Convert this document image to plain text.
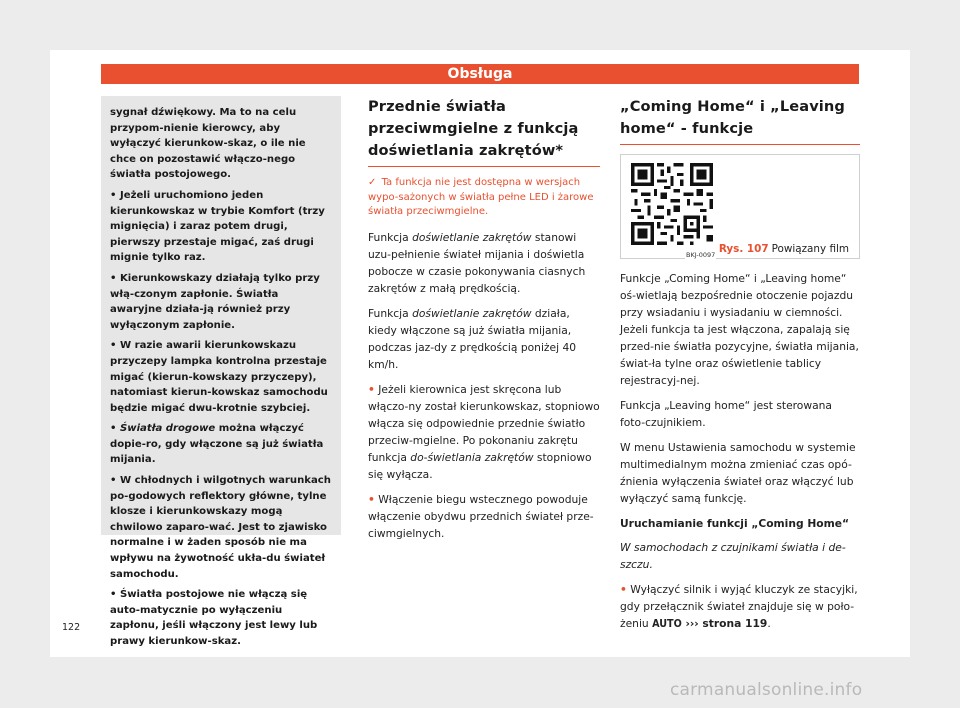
Obsługa

sygnał dźwiękowy. Ma to na celu przypom-nienie kierowcy, aby wyłączyć kierunkow-skaz, o ile nie chce on pozostawić włączo-nego światła postojowego.

• Jeżeli uruchomiono jeden kierunkowskaz w trybie Komfort (trzy mignięcia) i zaraz potem drugi, pierwszy przestaje migać, zaś drugi mignie tylko raz.

• Kierunkowskazy działają tylko przy włą-czonym zapłonie. Światła awaryjne działa-ją również przy wyłączonym zapłonie.

• W razie awarii kierunkowskazu przyczepy lampka kontrolna przestaje migać (kierun-kowskazy przyczepy), natomiast kierun-kowskaz samochodu będzie migać dwu-krotnie szybciej.

• Światła drogowe można włączyć dopie-ro, gdy włączone są już światła mijania.

• W chłodnych i wilgotnych warunkach po-godowych reflektory główne, tylne klosze i kierunkowskazy mogą chwilowo zaparo-wać. Jest to zjawisko normalne i w żaden sposób nie ma wpływu na żywotność ukła-du świateł samochodu.

• Światła postojowe nie włączą się auto-matycznie po wyłączeniu zapłonu, jeśli włączony jest lewy lub prawy kierunkow-skaz.

Przednie światła przeciwmgielne z funkcją doświetlania zakrętów*
✓ Ta funkcja nie jest dostępna w wersjach wypo-sażonych w światła pełne LED i żarowe światła przeciwmgielne.

Funkcja doświetlanie zakrętów stanowi uzu-pełnienie świateł mijania i doświetla pobocze w czasie pokonywania ciasnych zakrętów z małą prędkością.

Funkcja doświetlanie zakrętów działa, kiedy włączone są już światła mijania, podczas jaz-dy z prędkością poniżej 40 km/h.

• Jeżeli kierownica jest skręcona lub włączo-ny został kierunkowskaz, stopniowo włącza się odpowiednie przednie światło przeciw-mgielne. Po pokonaniu zakrętu funkcja do-świetlania zakrętów stopniowo się wyłącza.

• Włączenie biegu wstecznego powoduje włączenie obydwu przednich świateł prze-ciwmgielnych.

„Coming Home“ i „Leaving home“ - funkcje
BKJ-0097 Rys. 107 Powiązany film

Funkcje „Coming Home“ i „Leaving home“ oś-wietlają bezpośrednie otoczenie pojazdu przy wsiadaniu i wysiadaniu w ciemności. Jeżeli funkcja ta jest włączona, zapalają się przed-nie światła pozycyjne, światła mijania, świat-ła tylne oraz oświetlenie tablicy rejestracyj-nej.

Funkcja „Leaving home“ jest sterowana foto-czujnikiem.

W menu Ustawienia samochodu w systemie multimedialnym można zmieniać czas opó-źnienia wyłączenia świateł oraz włączyć lub wyłączyć samą funkcję.

Uruchamianie funkcji „Coming Home“

W samochodach z czujnikami światła i de-szczu.

• Wyłączyć silnik i wyjąć kluczyk ze stacyjki, gdy przełącznik świateł znajduje się w poło-żeniu AUTO ››› strona 119.

122
carmanualsonline.info
